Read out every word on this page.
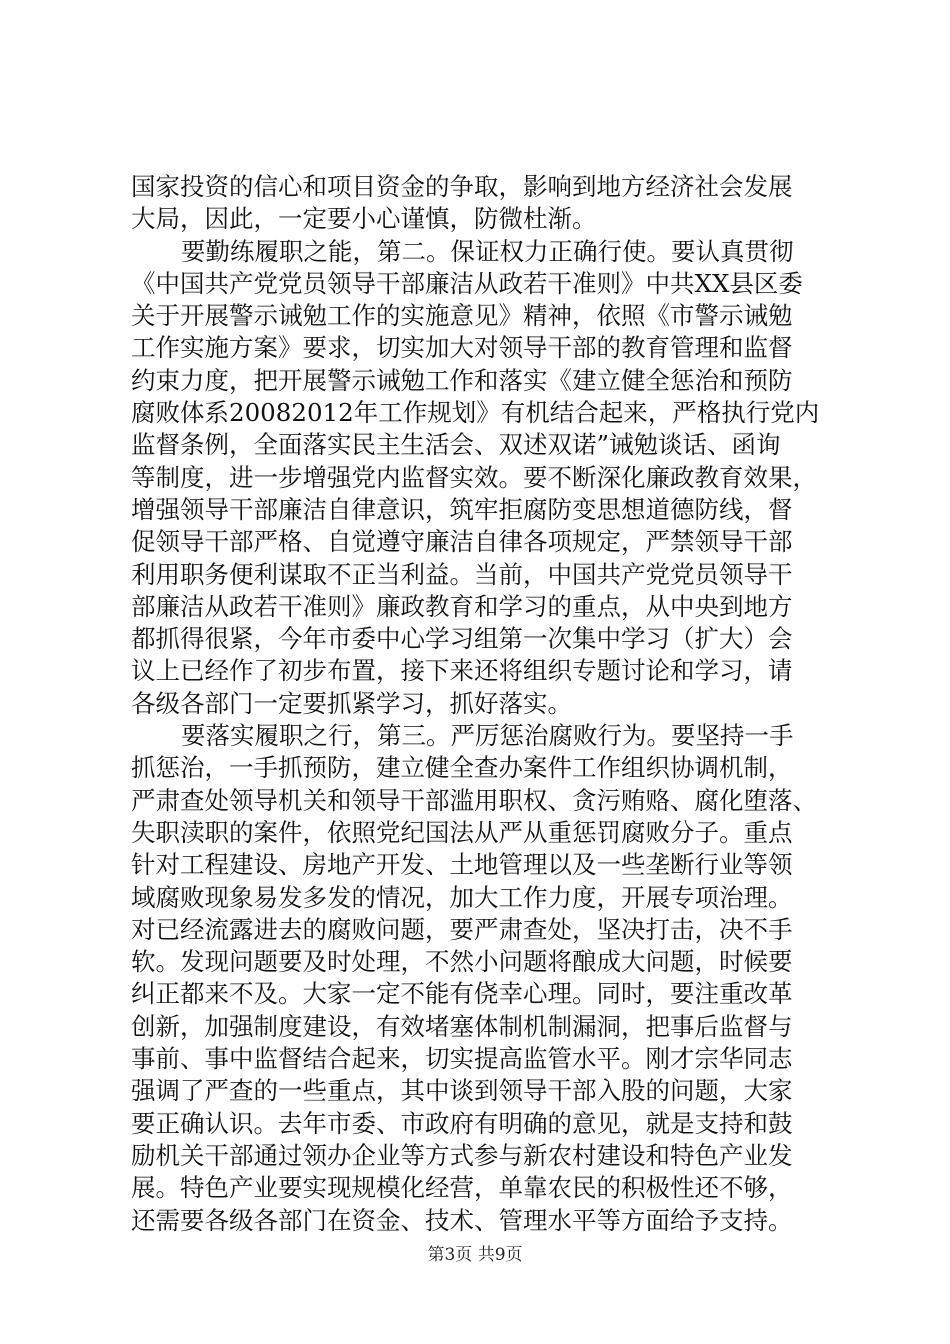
国家投资的信心和项目资金的争取，影响到地方经济社会发展
大局，因此，一定要小心谨慎，防微杜渐。
要勤练履职之能，第二。保证权力正确行使。要认真贯彻
《中国共产党党员领导干部廉洁从政若干准则》中共XX县区委
关于开展警示诫勉工作的实施意见》精神，依照《市警示诫勉
工作实施方案》要求，切实加大对领导干部的教育管理和监督
约束力度，把开展警示诫勉工作和落实《建立健全惩治和预防
腐败体系20082012年工作规划》有机结合起来，严格执行党内
监督条例，全面落实民主生活会、双述双诺”诫勉谈话、函询
等制度，进一步增强党内监督实效。要不断深化廉政教育效果，
增强领导干部廉洁自律意识，筑牢拒腐防变思想道德防线，督
促领导干部严格、自觉遵守廉洁自律各项规定，严禁领导干部
利用职务便利谋取不正当利益。当前，中国共产党党员领导干
部廉洁从政若干准则》廉政教育和学习的重点，从中央到地方
都抓得很紧，今年市委中心学习组第一次集中学习（扩大）会
议上已经作了初步布置，接下来还将组织专题讨论和学习，请
各级各部门一定要抓紧学习，抓好落实。
要落实履职之行，第三。严厉惩治腐败行为。要坚持一手
抓惩治，一手抓预防，建立健全查办案件工作组织协调机制，
严肃查处领导机关和领导干部滥用职权、贪污贿赂、腐化堕落、
失职渎职的案件，依照党纪国法从严从重惩罚腐败分子。重点
针对工程建设、房地产开发、土地管理以及一些垄断行业等领
域腐败现象易发多发的情况，加大工作力度，开展专项治理。
对已经流露进去的腐败问题，要严肃查处，坚决打击，决不手
软。发现问题要及时处理，不然小问题将酿成大问题，时候要
纠正都来不及。大家一定不能有侥幸心理。同时，要注重改革
创新，加强制度建设，有效堵塞体制机制漏洞，把事后监督与
事前、事中监督结合起来，切实提高监管水平。刚才宗华同志
强调了严查的一些重点，其中谈到领导干部入股的问题，大家
要正确认识。去年市委、市政府有明确的意见，就是支持和鼓
励机关干部通过领办企业等方式参与新农村建设和特色产业发
展。特色产业要实现规模化经营，单靠农民的积极性还不够，
还需要各级各部门在资金、技术、管理水平等方面给予支持。
第3页 共9页
